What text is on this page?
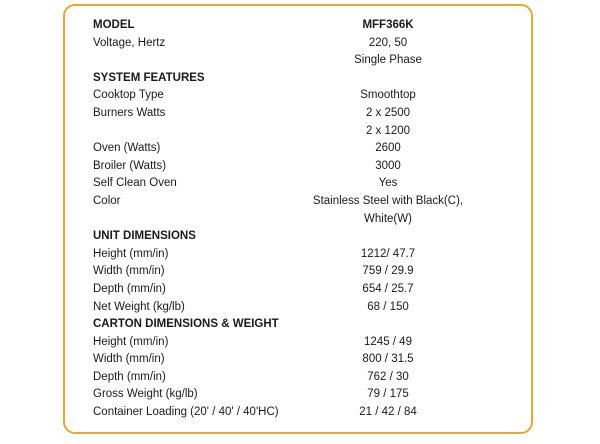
MODEL	MFF366K
Voltage, Hertz	220, 50
Single Phase
SYSTEM FEATURES
Cooktop Type	Smoothtop
Burners Watts	2 x 2500
2 x 1200
Oven (Watts)	2600
Broiler (Watts)	3000
Self Clean Oven	Yes
Color	Stainless Steel with Black(C),
White(W)
UNIT DIMENSIONS
Height (mm/in)	1212/ 47.7
Width (mm/in)	759 / 29.9
Depth (mm/in)	654 / 25.7
Net Weight (kg/lb)	68 / 150
CARTON DIMENSIONS & WEIGHT
Height (mm/in)	1245 / 49
Width (mm/in)	800 / 31.5
Depth (mm/in)	762 / 30
Gross Weight (kg/lb)	79 / 175
Container Loading (20' / 40' / 40'HC)	21 / 42 / 84
